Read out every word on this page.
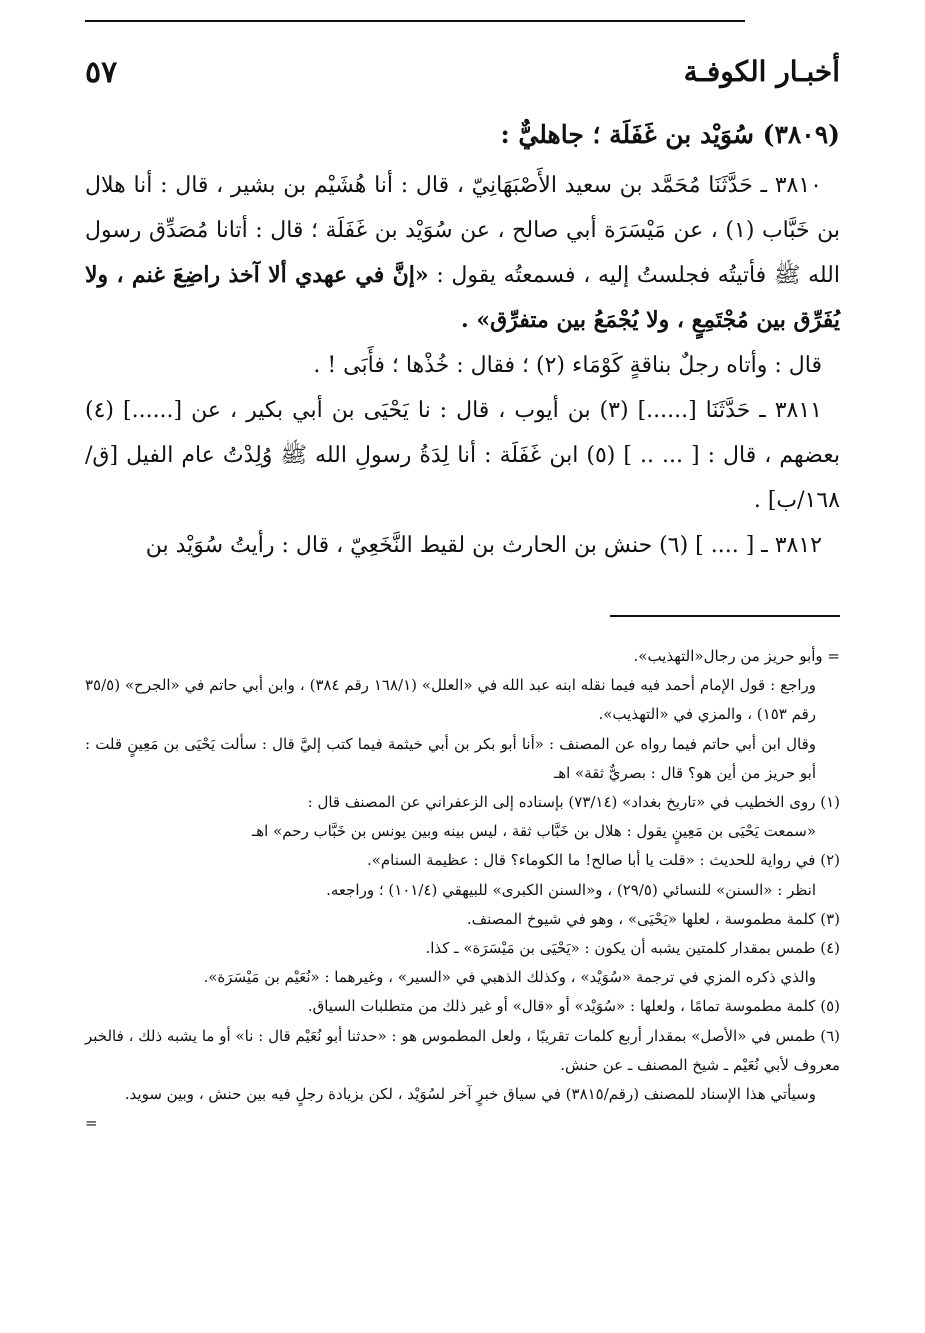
أخبـار الكوفـة
٥٧

(٣٨٠٩) سُوَيْد بن غَفَلَة ؛ جاهليٌّ :

٣٨١٠ ـ حَدَّثَنَا مُحَمَّد بن سعيد الأَصْبَهَانِيّ ، قال : أنا هُشَيْم بن بشير ، قال : أنا هلال بن خَبَّاب (١) ، عن مَيْسَرَة أبي صالح ، عن سُوَيْد بن غَفَلَة ؛ قال : أتانا مُصَدِّق رسول الله ﷺ فأتيتُه فجلستُ إليه ، فسمعتُه يقول : «إنَّ في عهدي ألا آخذ راضِعَ غنم ، ولا يُفَرِّق بين مُجْتَمِعٍ ، ولا يُجْمَعُ بين متفرِّق» .

قال : وأتاه رجلٌ بناقةٍ كَوْمَاء (٢) ؛ فقال : خُذْها ؛ فأَبَى ! .

٣٨١١ ـ حَدَّثَنَا [......] (٣) بن أيوب ، قال : نا يَحْيَى بن أبي بكير ، عن [......] (٤) بعضهم ، قال : [ ... .. ] (٥) ابن غَفَلَة : أنا لِدَةُ رسولِ الله ﷺ وُلِدْتُ عام الفيل [ق/١٦٨/ب] .

٣٨١٢ ـ [ .... ] (٦) حنش بن الحارث بن لقيط النَّخَعِيّ ، قال : رأيتُ سُوَيْد بن

= وأبو حريز من رجال«التهذيب».

وراجع : قول الإمام أحمد فيه فيما نقله ابنه عبد الله في «العلل» (١٦٨/١ رقم ٣٨٤) ، وابن أبي حاتم في «الجرح» (٣٥/٥ رقم ١٥٣) ، والمزي في «التهذيب».

وقال ابن أبي حاتم فيما رواه عن المصنف : «أنا أبو بكر بن أبي خيثمة فيما كتب إليَّ قال : سألت يَحْيَى بن مَعِينٍ قلت : أبو حريز من أين هو؟ قال : بصريٌّ ثقة» اهـ

(١) روى الخطيب في «تاريخ بغداد» (٧٣/١٤) بإسناده إلى الزعفراني عن المصنف قال :

«سمعت يَحْيَى بن مَعِينٍ يقول : هلال بن خَبَّاب ثقة ، ليس بينه وبين يونس بن خَبَّاب رحم» اهـ

(٢) في رواية للحديث : «قلت يا أبا صالح! ما الكوماء؟ قال : عظيمة السنام».

انظر : «السنن» للنسائي (٢٩/٥) ، و«السنن الكبرى» للبيهقي (١٠١/٤) ؛ وراجعه.

(٣) كلمة مطموسة ، لعلها «يَحْيَى» ، وهو في شيوخ المصنف.

(٤) طمس بمقدار كلمتين يشبه أن يكون : «يَحْيَى بن مَيْسَرَة» ـ كذا.

والذي ذكره المزي في ترجمة «سُوَيْد» ، وكذلك الذهبي في «السير» ، وغيرهما : «نُعَيْم بن مَيْسَرَة».

(٥) كلمة مطموسة تمامًا ، ولعلها : «سُوَيْد» أو «قال» أو غير ذلك من متطلبات السياق.

(٦) طمس في «الأصل» بمقدار أربع كلمات تقريبًا ، ولعل المطموس هو : «حدثنا أبو نُعَيْم قال : نا» أو ما يشبه ذلك ، فالخبر معروف لأبي نُعَيْم ـ شيخ المصنف ـ عن حنش.

وسيأتي هذا الإسناد للمصنف (رقم/٣٨١٥) في سياق خبرٍ آخر لسُوَيْد ، لكن بزيادة رجلٍ فيه بين حنش ، وبين سويد.

=
